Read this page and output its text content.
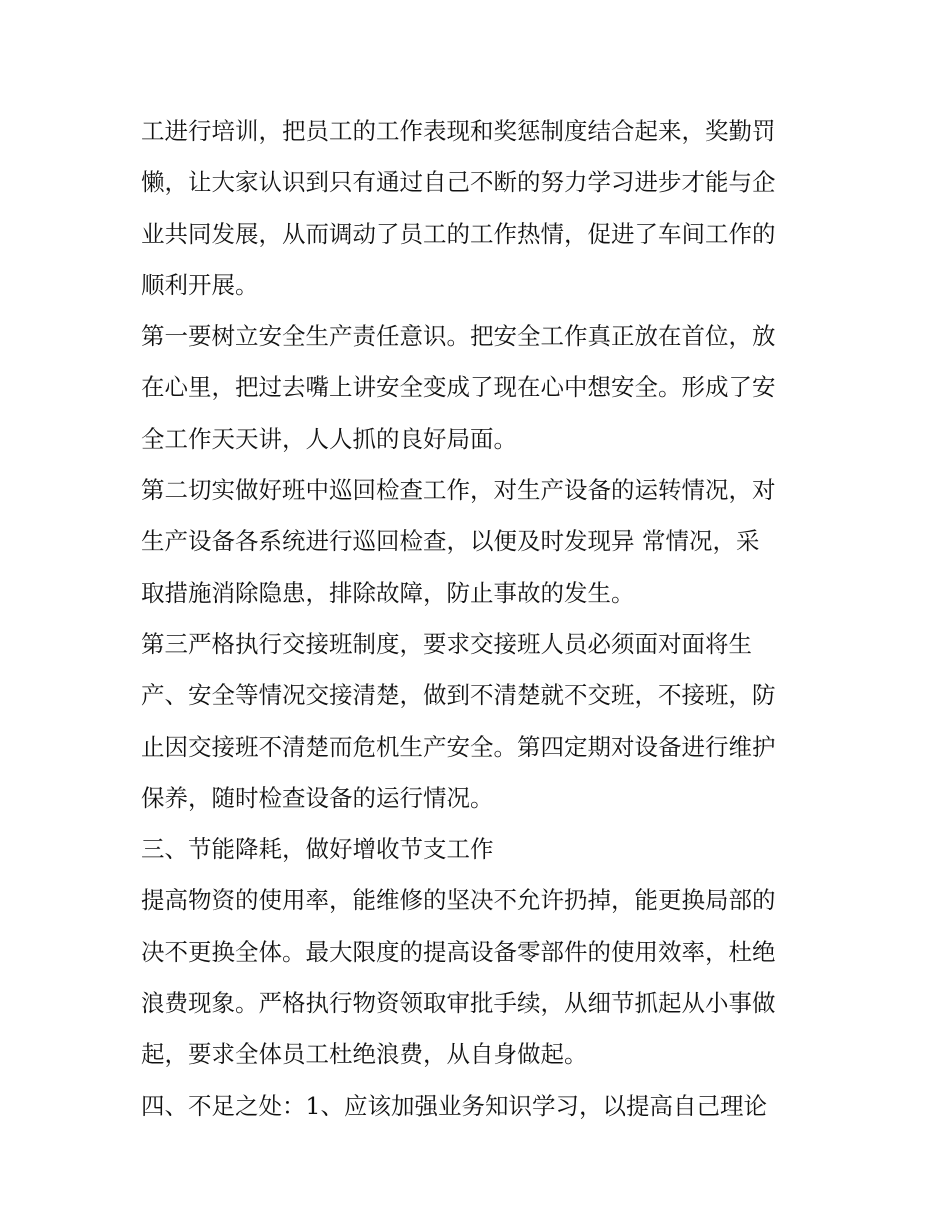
工进行培训，把员工的工作表现和奖惩制度结合起来，奖勤罚
懒，让大家认识到只有通过自己不断的努力学习进步才能与企
业共同发展，从而调动了员工的工作热情，促进了车间工作的
顺利开展。
第一要树立安全生产责任意识。把安全工作真正放在首位，放
在心里，把过去嘴上讲安全变成了现在心中想安全。形成了安
全工作天天讲，人人抓的良好局面。
第二切实做好班中巡回检查工作，对生产设备的运转情况，对
生产设备各系统进行巡回检查，以便及时发现异 常情况，采
取措施消除隐患，排除故障，防止事故的发生。
第三严格执行交接班制度，要求交接班人员必须面对面将生
产、安全等情况交接清楚，做到不清楚就不交班，不接班，防
止因交接班不清楚而危机生产安全。第四定期对设备进行维护
保养，随时检查设备的运行情况。
三、节能降耗，做好增收节支工作
提高物资的使用率，能维修的坚决不允许扔掉，能更换局部的
决不更换全体。最大限度的提高设备零部件的使用效率，杜绝
浪费现象。严格执行物资领取审批手续，从细节抓起从小事做
起，要求全体员工杜绝浪费，从自身做起。
四、不足之处：1、应该加强业务知识学习，以提高自己理论
